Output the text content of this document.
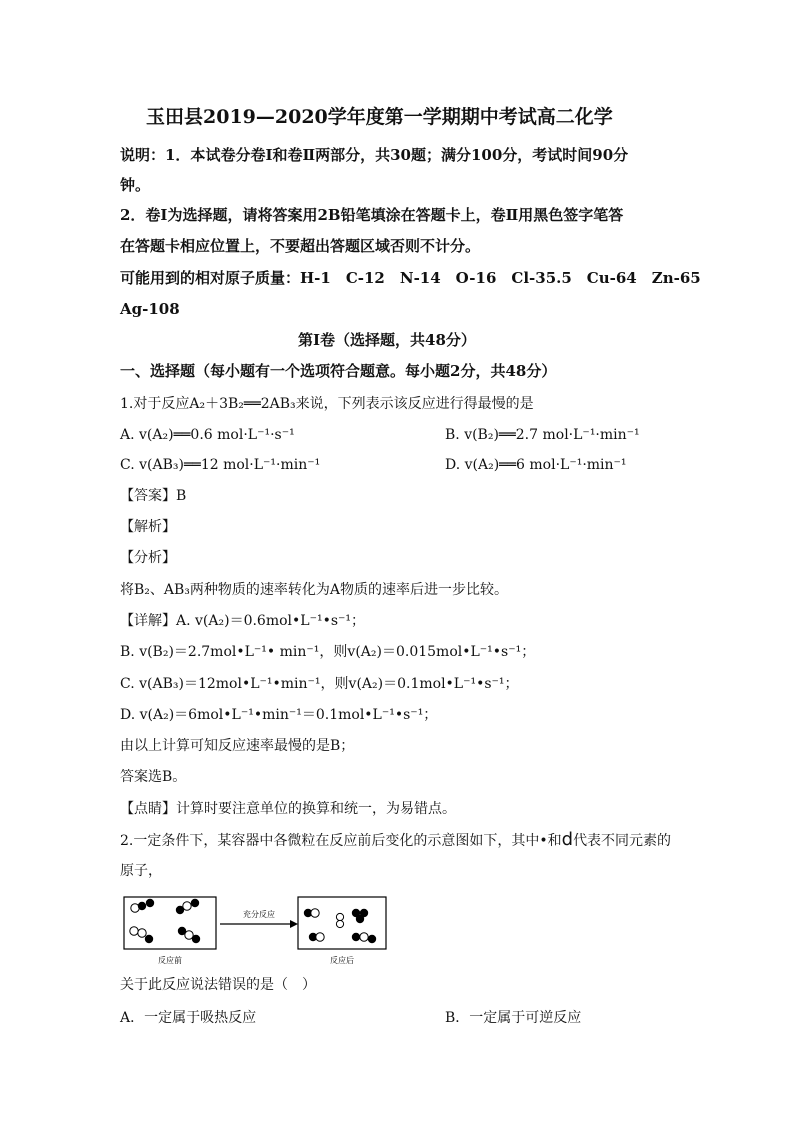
玉田县2019—2020学年度第一学期期中考试高二化学
说明：1．本试卷分卷Ⅰ和卷Ⅱ两部分，共30题；满分100分，考试时间90分
钟。
2．卷Ⅰ为选择题，请将答案用2B铅笔填涂在答题卡上，卷Ⅱ用黑色签字笔答
在答题卡相应位置上，不要超出答题区域否则不计分。
可能用到的相对原子质量：H-1　C-12　N-14　O-16　Cl-35.5　Cu-64　Zn-65
Ag-108
第Ⅰ卷（选择题，共48分）
一、选择题（每小题有一个选项符合题意。每小题2分，共48分）
1.对于反应A₂＋3B₂══2AB₃来说，下列表示该反应进行得最慢的是
A. v(A₂)══0.6 mol·L⁻¹·s⁻¹	B. v(B₂)══2.7 mol·L⁻¹·min⁻¹
C. v(AB₃)══12 mol·L⁻¹·min⁻¹	D. v(A₂)══6 mol·L⁻¹·min⁻¹
【答案】B
【解析】
【分析】
将B₂、AB₃两种物质的速率转化为A物质的速率后进一步比较。
【详解】A. v(A₂)＝0.6mol•L⁻¹•s⁻¹；
B. v(B₂)＝2.7mol•L⁻¹• min⁻¹，则v(A₂)＝0.015mol•L⁻¹•s⁻¹；
C. v(AB₃)＝12mol•L⁻¹•min⁻¹，则v(A₂)＝0.1mol•L⁻¹•s⁻¹；
D. v(A₂)＝6mol•L⁻¹•min⁻¹＝0.1mol•L⁻¹•s⁻¹；
由以上计算可知反应速率最慢的是B；
答案选B。
【点睛】计算时要注意单位的换算和统一，为易错点。
2.一定条件下，某容器中各微粒在反应前后变化的示意图如下，其中•和d代表不同元素的
原子，
充分反应
反应前	反应后
关于此反应说法错误的是（　）
A．一定属于吸热反应	B．一定属于可逆反应
